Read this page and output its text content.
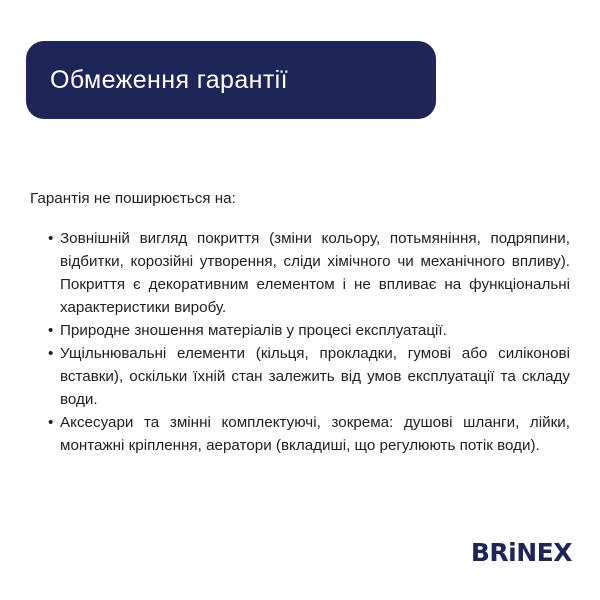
Обмеження гарантії

Гарантія не поширюється на:

• Зовнішній вигляд покриття (зміни кольору, потьмяніння, подряпини, відбитки, корозійні утворення, сліди хімічного чи механічного впливу). Покриття є декоративним елементом і не впливає на функціональні характеристики виробу.
• Природне зношення матеріалів у процесі експлуатації.
• Ущільнювальні елементи (кільця, прокладки, гумові або силіконові вставки), оскільки їхній стан залежить від умов експлуатації та складу води.
• Аксесуари та змінні комплектуючі, зокрема: душові шланги, лійки, монтажні кріплення, аератори (вкладиші, що регулюють потік води).
BRiNEX
